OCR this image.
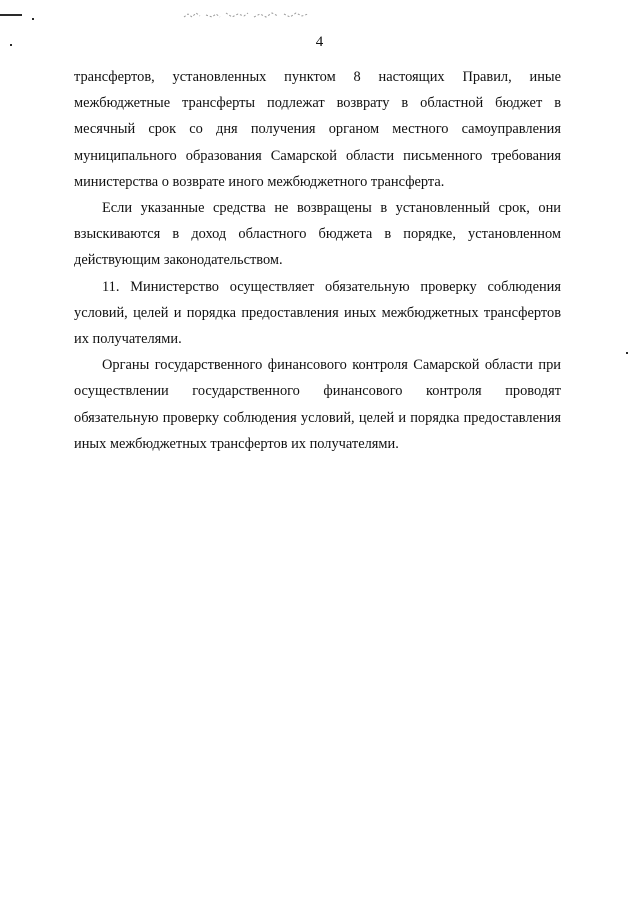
4

трансфертов, установленных пунктом 8 настоящих Правил, иные межбюджетные трансферты подлежат возврату в областной бюджет в месячный срок со дня получения органом местного самоуправления муниципального образования Самарской области письменного требования министерства о возврате иного межбюджетного трансферта.

Если указанные средства не возвращены в установленный срок, они взыскиваются в доход областного бюджета в порядке, установленном действующим законодательством.

11. Министерство осуществляет обязательную проверку соблюдения условий, целей и порядка предоставления иных межбюджетных трансфертов их получателями.

Органы государственного финансового контроля Самарской области при осуществлении государственного финансового контроля проводят обязательную проверку соблюдения условий, целей и порядка предоставления иных межбюджетных трансфертов их получателями.
